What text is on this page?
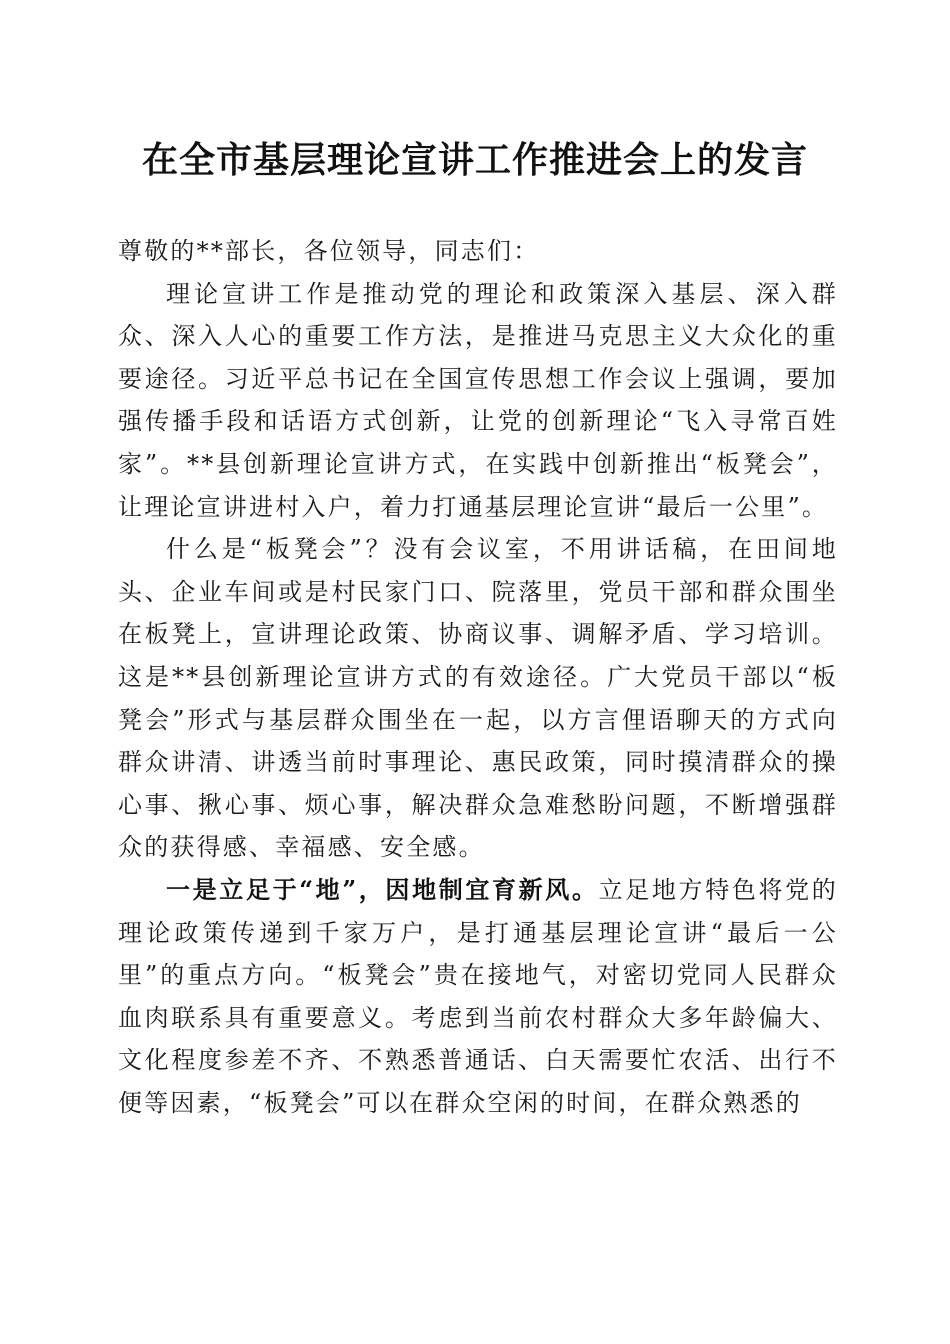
在全市基层理论宣讲工作推进会上的发言

尊敬的**部长，各位领导，同志们：

理论宣讲工作是推动党的理论和政策深入基层、深入群众、深入人心的重要工作方法，是推进马克思主义大众化的重要途径。习近平总书记在全国宣传思想工作会议上强调，要加强传播手段和话语方式创新，让党的创新理论“飞入寻常百姓家”。**县创新理论宣讲方式，在实践中创新推出“板凳会”，让理论宣讲进村入户，着力打通基层理论宣讲“最后一公里”。

什么是“板凳会”？没有会议室，不用讲话稿，在田间地头、企业车间或是村民家门口、院落里，党员干部和群众围坐在板凳上，宣讲理论政策、协商议事、调解矛盾、学习培训。这是**县创新理论宣讲方式的有效途径。广大党员干部以“板凳会”形式与基层群众围坐在一起，以方言俚语聊天的方式向群众讲清、讲透当前时事理论、惠民政策，同时摸清群众的操心事、揪心事、烦心事，解决群众急难愁盼问题，不断增强群众的获得感、幸福感、安全感。

一是立足于“地”，因地制宜育新风。立足地方特色将党的理论政策传递到千家万户，是打通基层理论宣讲“最后一公里”的重点方向。“板凳会”贵在接地气，对密切党同人民群众血肉联系具有重要意义。考虑到当前农村群众大多年龄偏大、文化程度参差不齐、不熟悉普通话、白天需要忙农活、出行不便等因素，“板凳会”可以在群众空闲的时间，在群众熟悉的
